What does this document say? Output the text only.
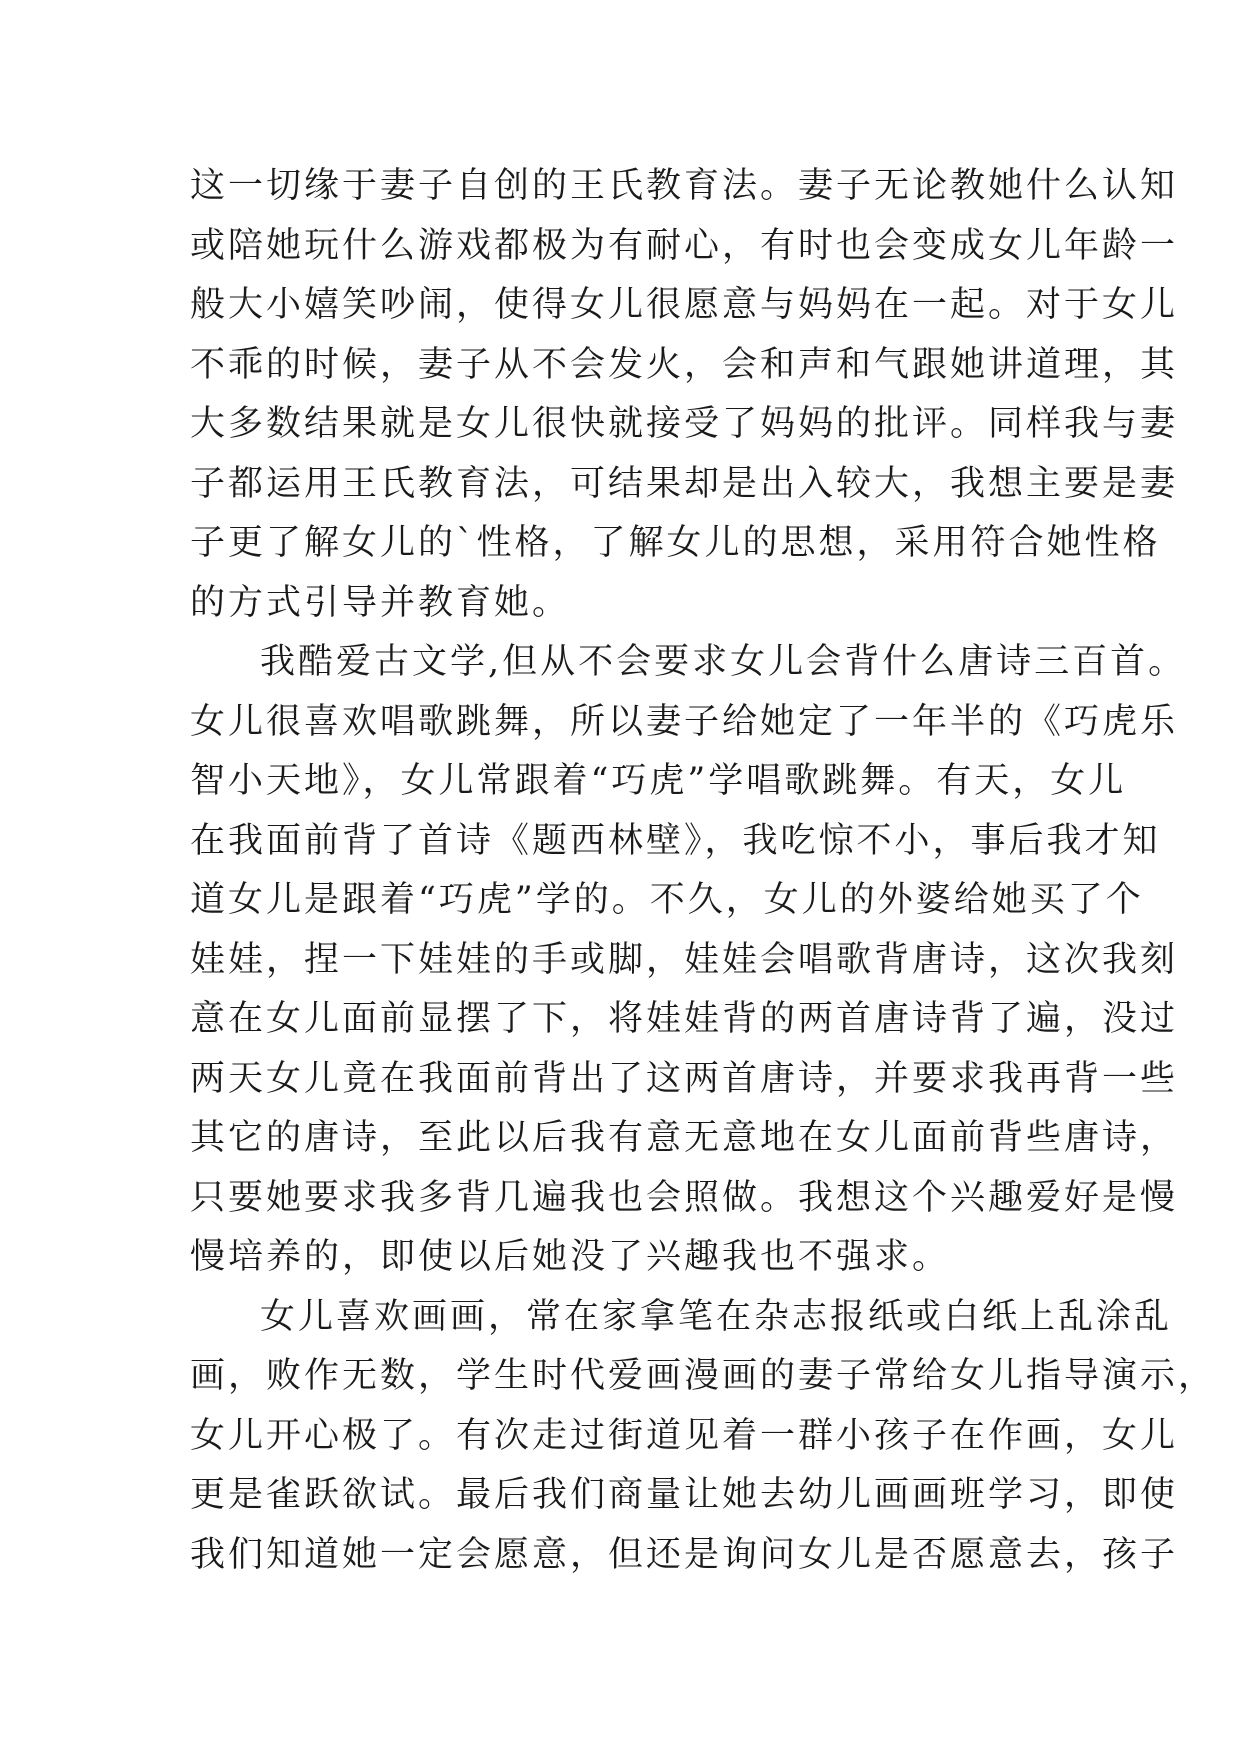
这一切缘于妻子自创的王氏教育法。妻子无论教她什么认知
或陪她玩什么游戏都极为有耐心，有时也会变成女儿年龄一
般大小嬉笑吵闹，使得女儿很愿意与妈妈在一起。对于女儿
不乖的时候，妻子从不会发火，会和声和气跟她讲道理，其
大多数结果就是女儿很快就接受了妈妈的批评。同样我与妻
子都运用王氏教育法，可结果却是出入较大，我想主要是妻
子更了解女儿的`性格，了解女儿的思想，采用符合她性格
的方式引导并教育她。
我酷爱古文学,但从不会要求女儿会背什么唐诗三百首。
女儿很喜欢唱歌跳舞，所以妻子给她定了一年半的《巧虎乐
智小天地》，女儿常跟着“巧虎”学唱歌跳舞。有天，女儿
在我面前背了首诗《题西林壁》，我吃惊不小，事后我才知
道女儿是跟着“巧虎”学的。不久，女儿的外婆给她买了个
娃娃，捏一下娃娃的手或脚，娃娃会唱歌背唐诗，这次我刻
意在女儿面前显摆了下，将娃娃背的两首唐诗背了遍，没过
两天女儿竟在我面前背出了这两首唐诗，并要求我再背一些
其它的唐诗，至此以后我有意无意地在女儿面前背些唐诗，
只要她要求我多背几遍我也会照做。我想这个兴趣爱好是慢
慢培养的，即使以后她没了兴趣我也不强求。
女儿喜欢画画，常在家拿笔在杂志报纸或白纸上乱涂乱
画，败作无数，学生时代爱画漫画的妻子常给女儿指导演示，
女儿开心极了。有次走过街道见着一群小孩子在作画，女儿
更是雀跃欲试。最后我们商量让她去幼儿画画班学习，即使
我们知道她一定会愿意，但还是询问女儿是否愿意去，孩子
